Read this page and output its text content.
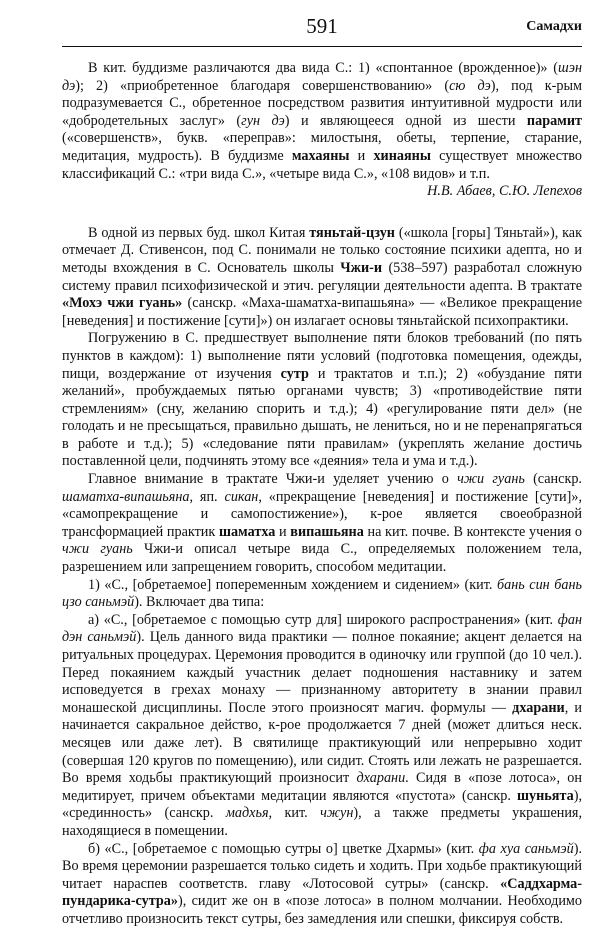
591	Самадхи

В кит. буддизме различаются два вида С.: 1) «спонтанное (врожденное)» (шэн дэ); 2) «приобретенное благодаря совершенствованию» (сю дэ), под к-рым подразумевается С., обретенное посредством развития интуитивной мудрости или «добродетельных заслуг» (гун дэ) и являющееся одной из шести парамит («совершенств», букв. «переправ»: милостыня, обеты, терпение, старание, медитация, мудрость). В буддизме махаяны и хинаяны существует множество классификаций С.: «три вида С.», «четыре вида С.», «108 видов» и т.п.

Н.В. Абаев, С.Ю. Лепехов

В одной из первых буд. школ Китая тяньтай-цзун («школа [горы] Тяньтай»), как отмечает Д. Стивенсон, под С. понимали не только состояние психики адепта, но и методы вхождения в С. Основатель школы Чжи-и (538–597) разработал сложную систему правил психофизической и этич. регуляции деятельности адепта. В трактате «Мохэ чжи гуань» (санскр. «Маха-шаматха-випашьяна» — «Великое прекращение [неведения] и постижение [сути]») он излагает основы тяньтайской психопрактики.

Погружению в С. предшествует выполнение пяти блоков требований (по пять пунктов в каждом): 1) выполнение пяти условий (подготовка помещения, одежды, пищи, воздержание от изучения сутр и трактатов и т.п.); 2) «обуздание пяти желаний», пробуждаемых пятью органами чувств; 3) «противодействие пяти стремлениям» (сну, желанию спорить и т.д.); 4) «регулирование пяти дел» (не голодать и не пресыщаться, правильно дышать, не лениться, но и не перенапрягаться в работе и т.д.); 5) «следование пяти правилам» (укреплять желание достичь поставленной цели, подчинять этому все «деяния» тела и ума и т.д.).

Главное внимание в трактате Чжи-и уделяет учению о чжи гуань (санскр. шаматха-випашьяна, яп. сикан, «прекращение [неведения] и постижение [сути]», «самопрекращение и самопостижение»), к-рое является своеобразной трансформацией практик шаматха и випашьяна на кит. почве. В контексте учения о чжи гуань Чжи-и описал четыре вида С., определяемых положением тела, разрешением или запрещением говорить, способом медитации.

1) «С., [обретаемое] попеременным хождением и сидением» (кит. бань син бань цзо саньмэй). Включает два типа:

а) «С., [обретаемое с помощью сутр для] широкого распространения» (кит. фан дэн саньмэй). Цель данного вида практики — полное покаяние; акцент делается на ритуальных процедурах. Церемония проводится в одиночку или группой (до 10 чел.). Перед покаянием каждый участник делает подношения наставнику и затем исповедуется в грехах монаху — признанному авторитету в знании правил монашеской дисциплины. После этого произносят магич. формулы — дхарани, и начинается сакральное действо, к-рое продолжается 7 дней (может длиться неск. месяцев или даже лет). В святилище практикующий или непрерывно ходит (совершая 120 кругов по помещению), или сидит. Стоять или лежать не разрешается. Во время ходьбы практикующий произносит дхарани. Сидя в «позе лотоса», он медитирует, причем объектами медитации являются «пустота» (санскр. шуньята), «срединность» (санскр. мадхья, кит. чжун), а также предметы украшения, находящиеся в помещении.

б) «С., [обретаемое с помощью сутры о] цветке Дхармы» (кит. фа хуа саньмэй). Во время церемонии разрешается только сидеть и ходить. При ходьбе практикующий читает нараспев соответств. главу «Лотосовой сутры» (санскр. «Саддхарма-пундарика-сутра»), сидит же он в «позе лотоса» в полном молчании. Необходимо отчетливо произносить текст сутры, без замедления или спешки, фиксируя собств.
